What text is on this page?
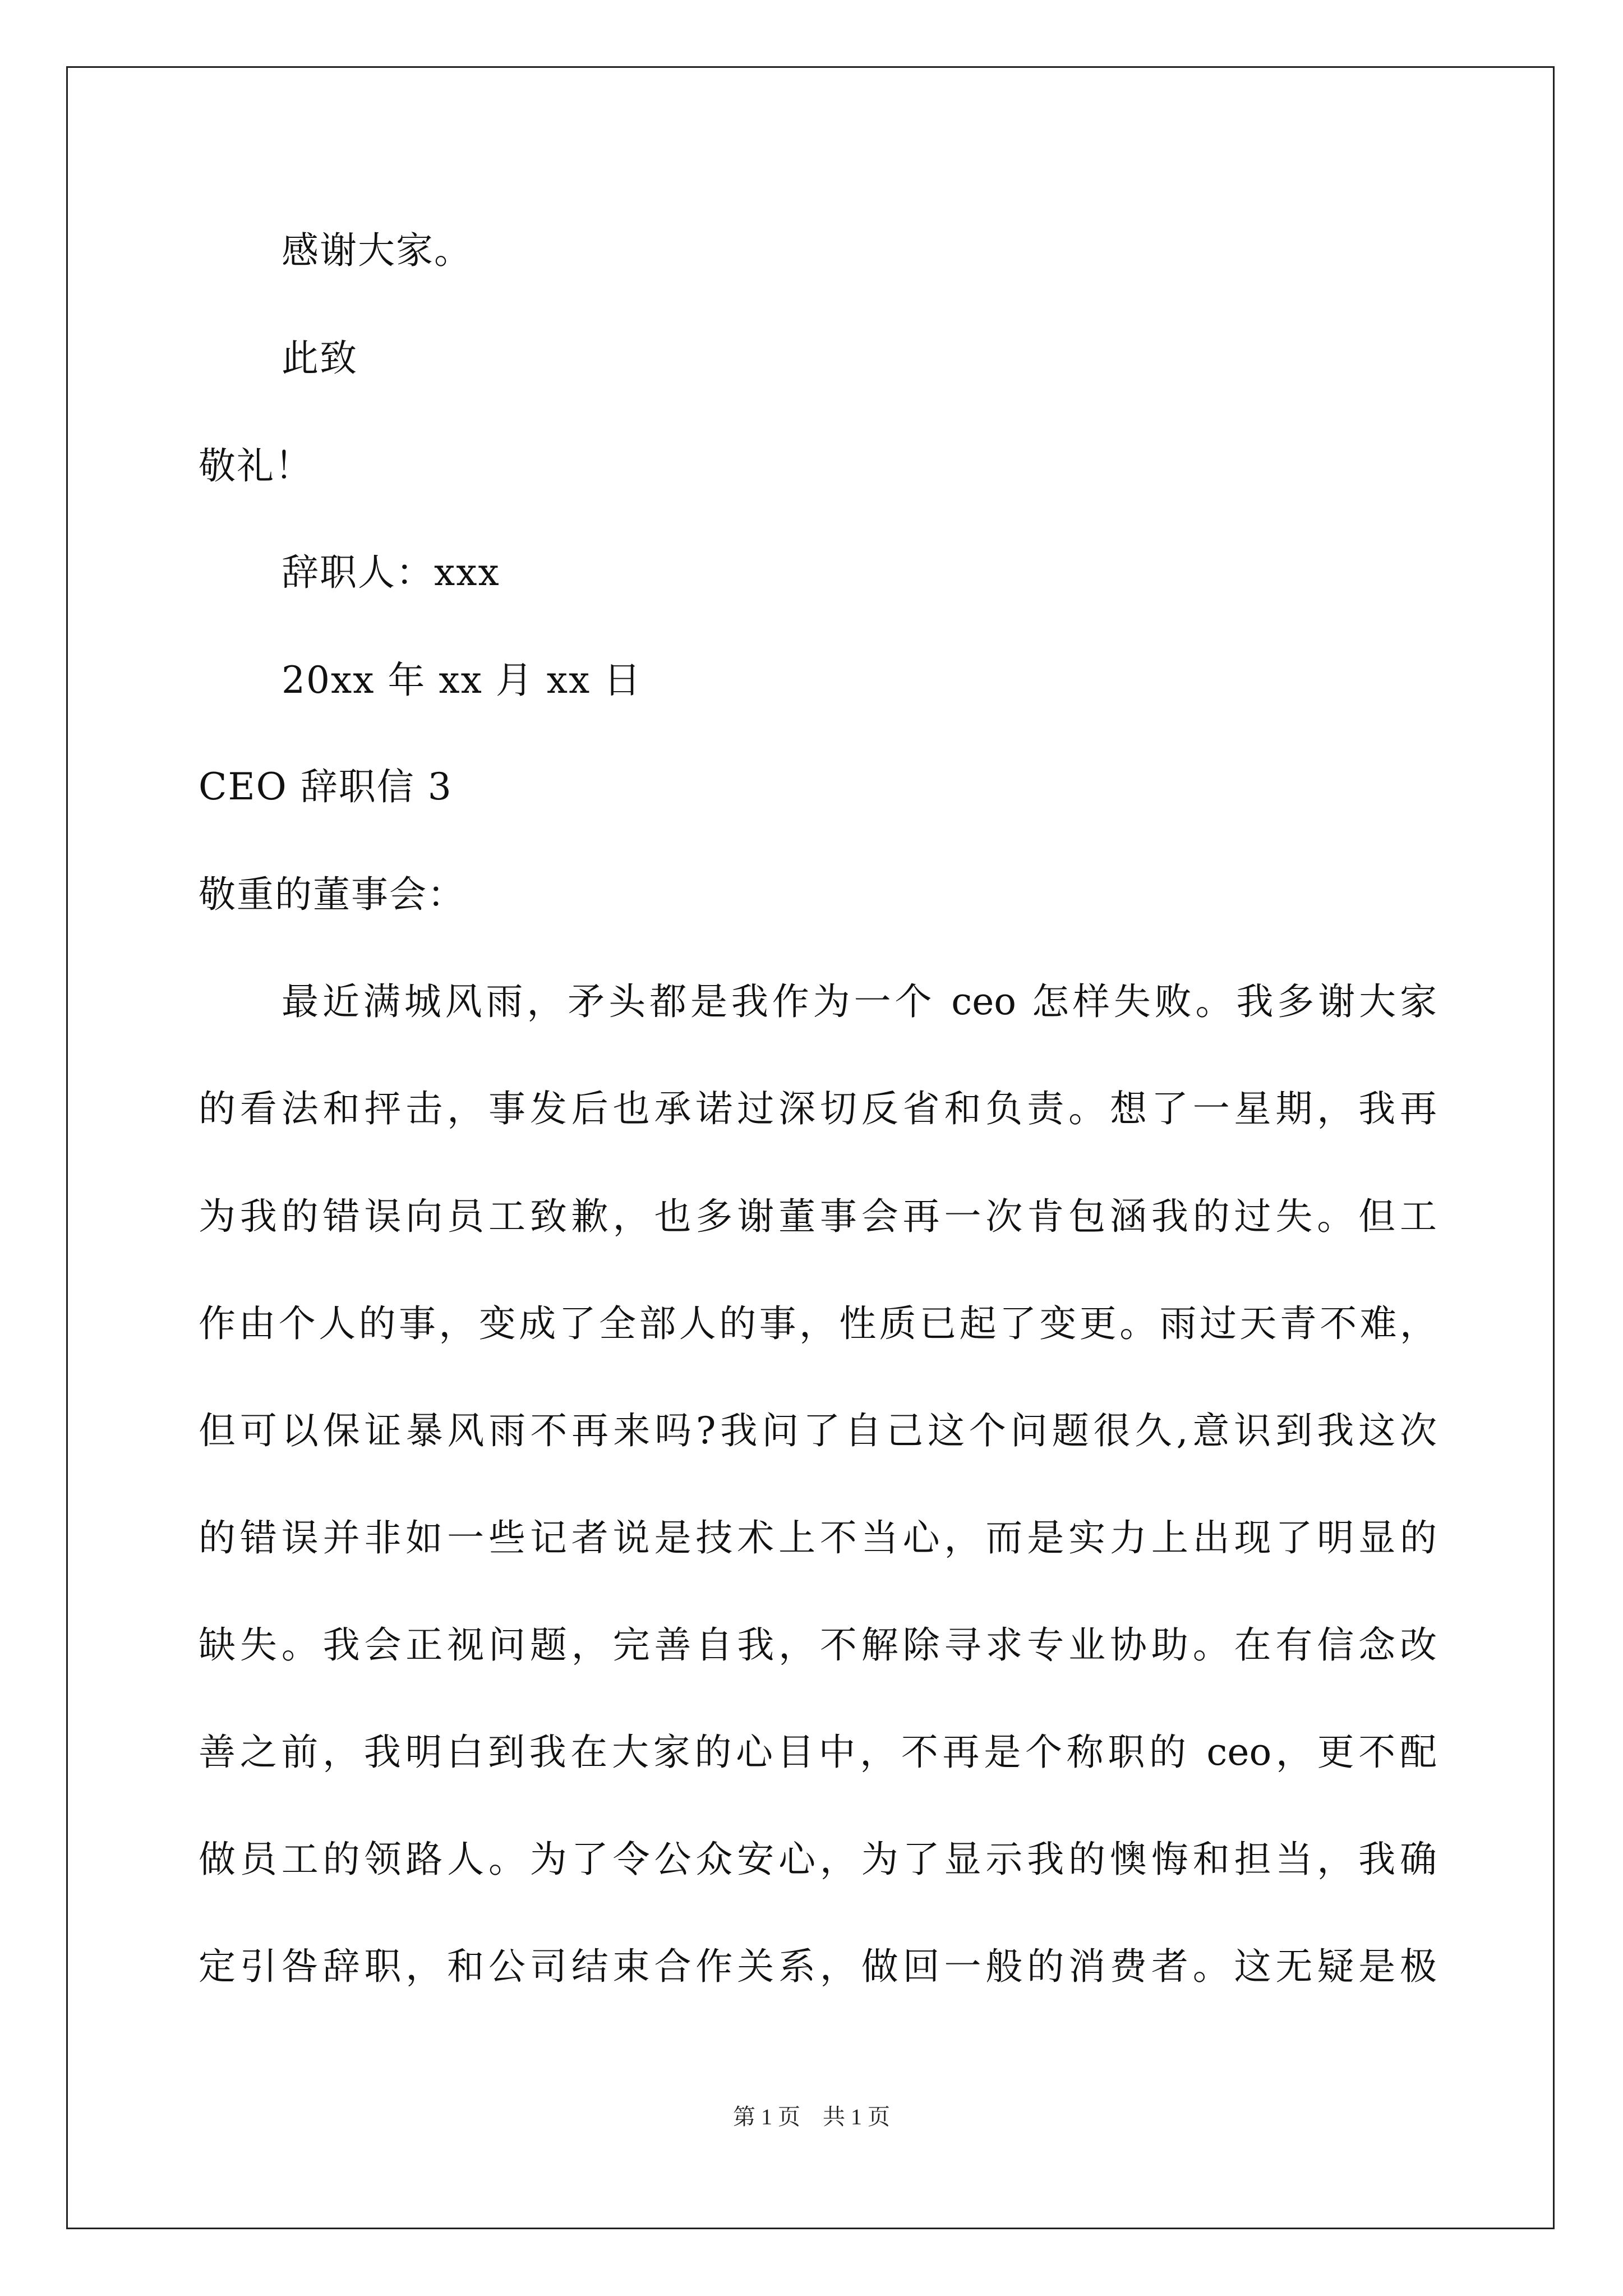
感谢大家。
此致
敬礼！
辞职人：xxx
20xx 年 xx 月 xx 日
CEO 辞职信 3
敬重的董事会：
最近满城风雨，矛头都是我作为一个 ceo 怎样失败。我多谢大家
的看法和抨击，事发后也承诺过深切反省和负责。想了一星期，我再
为我的错误向员工致歉，也多谢董事会再一次肯包涵我的过失。但工
作由个人的事，变成了全部人的事，性质已起了变更。雨过天青不难，
但可以保证暴风雨不再来吗?我问了自己这个问题很久,意识到我这次
的错误并非如一些记者说是技术上不当心，而是实力上出现了明显的
缺失。我会正视问题，完善自我，不解除寻求专业协助。在有信念改
善之前，我明白到我在大家的心目中，不再是个称职的 ceo，更不配
做员工的领路人。为了令公众安心，为了显示我的懊悔和担当，我确
定引咎辞职，和公司结束合作关系，做回一般的消费者。这无疑是极
第 1 页    共 1 页
